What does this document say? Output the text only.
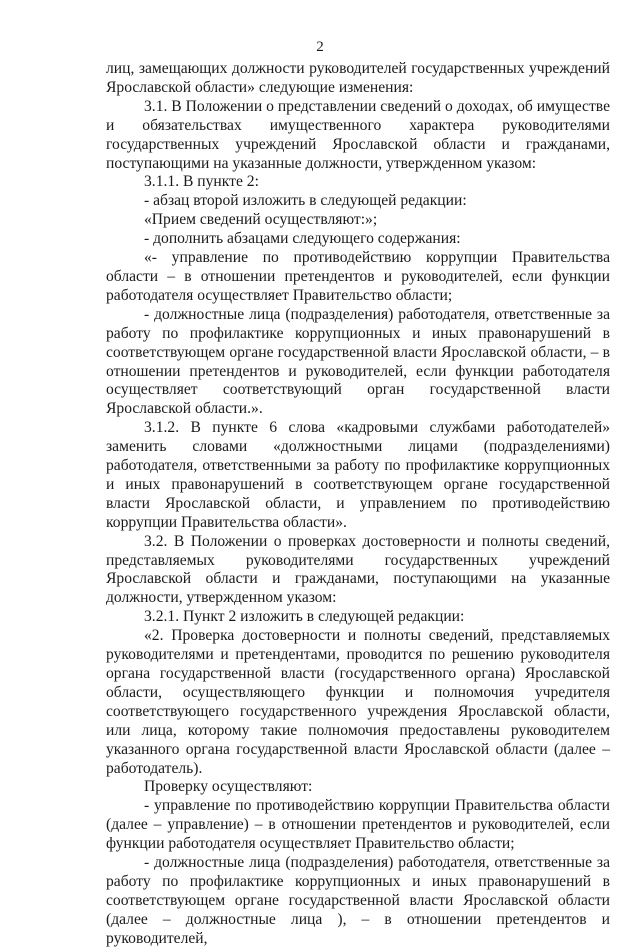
2

лиц, замещающих должности руководителей государственных учреждений Ярославской области» следующие изменения:

3.1. В Положении о представлении сведений о доходах, об имуществе и обязательствах имущественного характера руководителями государственных учреждений Ярославской области и гражданами, поступающими на указанные должности, утвержденном указом:

3.1.1. В пункте 2:

- абзац второй изложить в следующей редакции:

«Прием сведений осуществляют:»;

- дополнить абзацами следующего содержания:

«- управление по противодействию коррупции Правительства области – в отношении претендентов и руководителей, если функции работодателя осуществляет Правительство области;

- должностные лица (подразделения) работодателя, ответственные за работу по профилактике коррупционных и иных правонарушений в соответствующем органе государственной власти Ярославской области, – в отношении претендентов и руководителей, если функции работодателя осуществляет соответствующий орган государственной власти Ярославской области.».

3.1.2. В пункте 6 слова «кадровыми службами работодателей» заменить словами «должностными лицами (подразделениями) работодателя, ответственными за работу по профилактике коррупционных и иных правонарушений в соответствующем органе государственной власти Ярославской области, и управлением по противодействию коррупции Правительства области».

3.2. В Положении о проверках достоверности и полноты сведений, представляемых руководителями государственных учреждений Ярославской области и гражданами, поступающими на указанные должности, утвержденном указом:

3.2.1. Пункт 2 изложить в следующей редакции:

«2. Проверка достоверности и полноты сведений, представляемых руководителями и претендентами, проводится по решению руководителя органа государственной власти (государственного органа) Ярославской области, осуществляющего функции и полномочия учредителя соответствующего государственного учреждения Ярославской области, или лица, которому такие полномочия предоставлены руководителем указанного органа государственной власти Ярославской области (далее – работодатель).

Проверку осуществляют:

- управление по противодействию коррупции Правительства области (далее – управление) – в отношении претендентов и руководителей, если функции работодателя осуществляет Правительство области;

- должностные лица (подразделения) работодателя, ответственные за работу по профилактике коррупционных и иных правонарушений в соответствующем органе государственной власти Ярославской области (далее – должностные лица ), – в отношении претендентов и руководителей,
